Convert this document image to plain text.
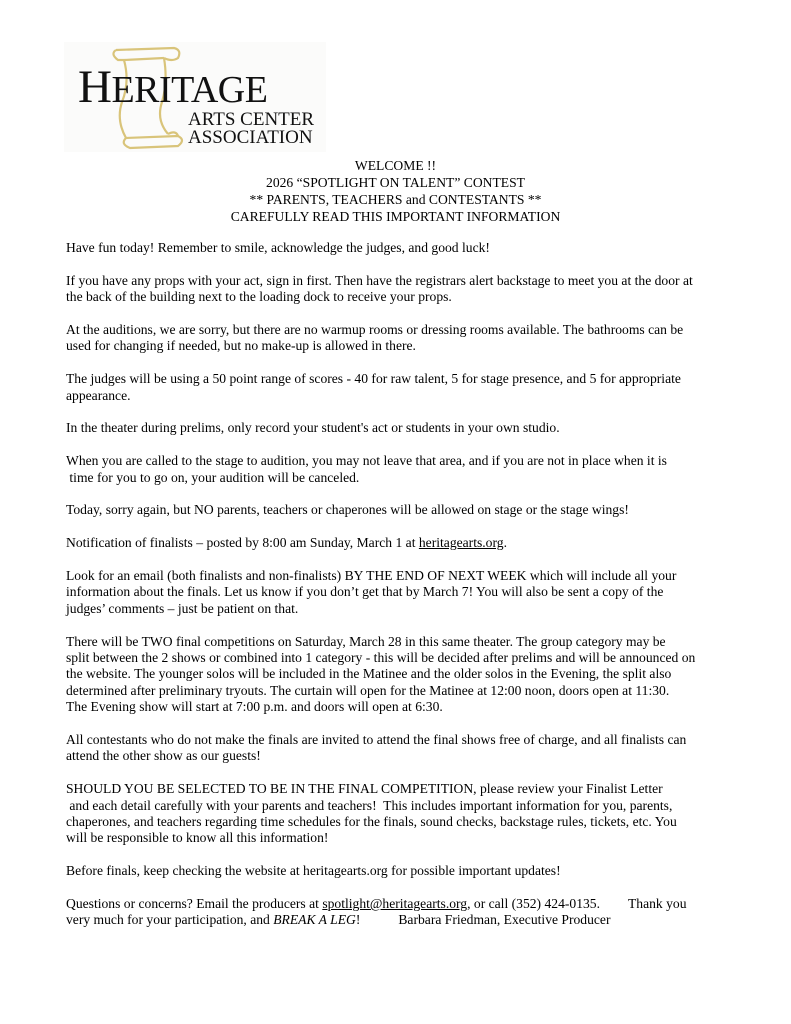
HERITAGE
ARTS CENTER
ASSOCIATION
WELCOME !!
2026 “SPOTLIGHT ON TALENT” CONTEST
** PARENTS, TEACHERS and CONTESTANTS **
CAREFULLY READ THIS IMPORTANT INFORMATION

Have fun today! Remember to smile, acknowledge the judges, and good luck!

If you have any props with your act, sign in first. Then have the registrars alert backstage to meet you at the door at
the back of the building next to the loading dock to receive your props.

At the auditions, we are sorry, but there are no warmup rooms or dressing rooms available. The bathrooms can be
used for changing if needed, but no make-up is allowed in there.

The judges will be using a 50 point range of scores - 40 for raw talent, 5 for stage presence, and 5 for appropriate
appearance.

In the theater during prelims, only record your student's act or students in your own studio.

When you are called to the stage to audition, you may not leave that area, and if you are not in place when it is
time for you to go on, your audition will be canceled.

Today, sorry again, but NO parents, teachers or chaperones will be allowed on stage or the stage wings!

Notification of finalists – posted by 8:00 am Sunday, March 1 at heritagearts.org.

Look for an email (both finalists and non-finalists) BY THE END OF NEXT WEEK which will include all your
information about the finals. Let us know if you don’t get that by March 7! You will also be sent a copy of the
judges’ comments – just be patient on that.

There will be TWO final competitions on Saturday, March 28 in this same theater. The group category may be
split between the 2 shows or combined into 1 category - this will be decided after prelims and will be announced on
the website. The younger solos will be included in the Matinee and the older solos in the Evening, the split also
determined after preliminary tryouts. The curtain will open for the Matinee at 12:00 noon, doors open at 11:30.
The Evening show will start at 7:00 p.m. and doors will open at 6:30.

All contestants who do not make the finals are invited to attend the final shows free of charge, and all finalists can
attend the other show as our guests!

SHOULD YOU BE SELECTED TO BE IN THE FINAL COMPETITION, please review your Finalist Letter
and each detail carefully with your parents and teachers!  This includes important information for you, parents,
chaperones, and teachers regarding time schedules for the finals, sound checks, backstage rules, tickets, etc. You
will be responsible to know all this information!

Before finals, keep checking the website at heritagearts.org for possible important updates!

Questions or concerns? Email the producers at spotlight@heritagearts.org, or call (352) 424-0135. Thank you
very much for your participation, and BREAK A LEG!	Barbara Friedman, Executive Producer
